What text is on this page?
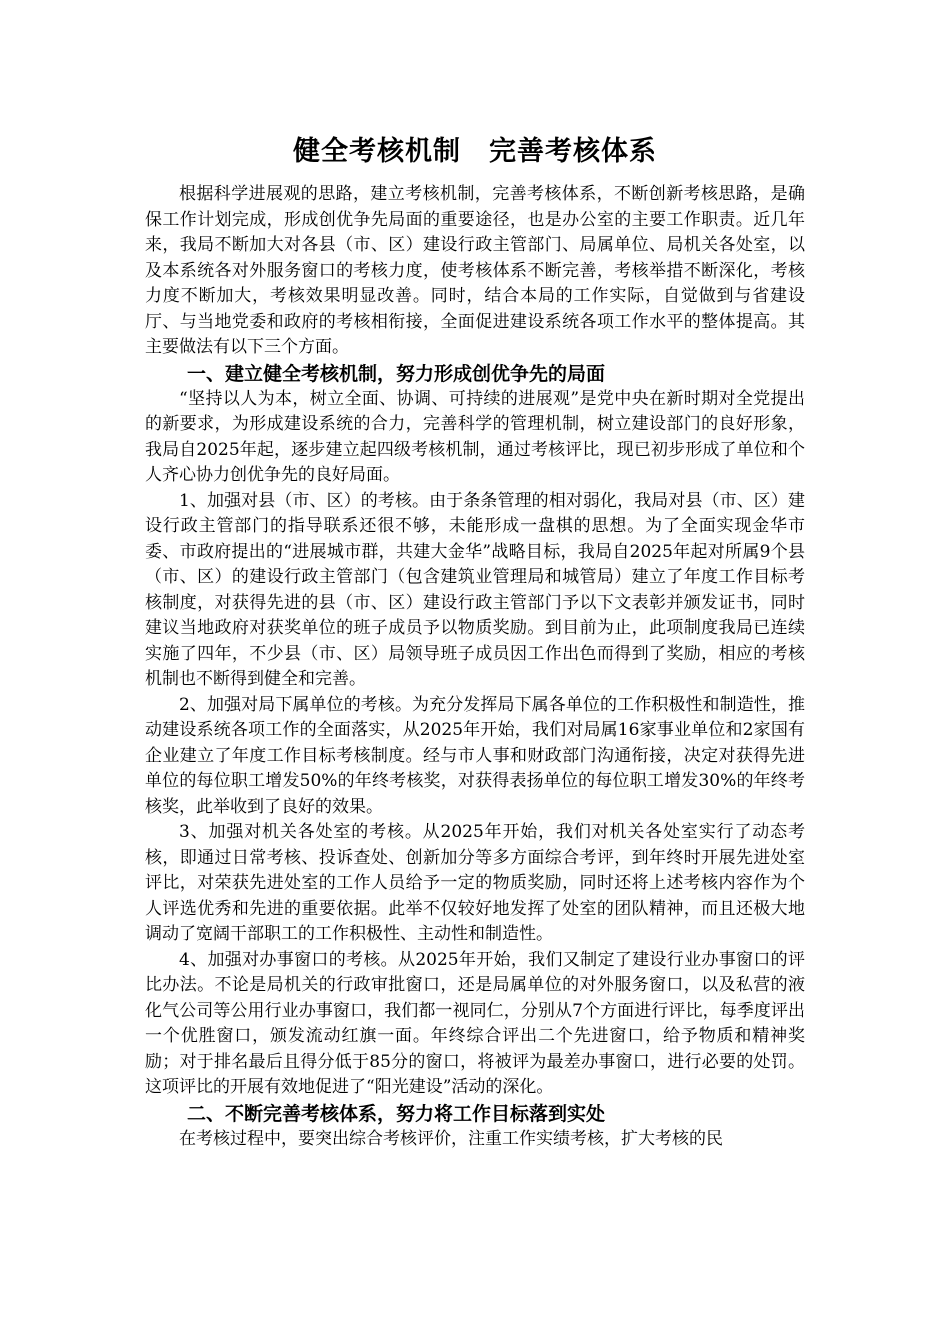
健全考核机制　完善考核体系

根据科学进展观的思路，建立考核机制，完善考核体系，不断创新考核思路，是确保工作计划完成，形成创优争先局面的重要途径，也是办公室的主要工作职责。近几年来，我局不断加大对各县（市、区）建设行政主管部门、局属单位、局机关各处室，以及本系统各对外服务窗口的考核力度，使考核体系不断完善，考核举措不断深化，考核力度不断加大，考核效果明显改善。同时，结合本局的工作实际，自觉做到与省建设厅、与当地党委和政府的考核相衔接，全面促进建设系统各项工作水平的整体提高。其主要做法有以下三个方面。

一、建立健全考核机制，努力形成创优争先的局面

“坚持以人为本，树立全面、协调、可持续的进展观”是党中央在新时期对全党提出的新要求，为形成建设系统的合力，完善科学的管理机制，树立建设部门的良好形象，我局自2025年起，逐步建立起四级考核机制，通过考核评比，现已初步形成了单位和个人齐心协力创优争先的良好局面。

1、加强对县（市、区）的考核。由于条条管理的相对弱化，我局对县（市、区）建设行政主管部门的指导联系还很不够，未能形成一盘棋的思想。为了全面实现金华市委、市政府提出的“进展城市群，共建大金华”战略目标，我局自2025年起对所属9个县（市、区）的建设行政主管部门（包含建筑业管理局和城管局）建立了年度工作目标考核制度，对获得先进的县（市、区）建设行政主管部门予以下文表彰并颁发证书，同时建议当地政府对获奖单位的班子成员予以物质奖励。到目前为止，此项制度我局已连续实施了四年，不少县（市、区）局领导班子成员因工作出色而得到了奖励，相应的考核机制也不断得到健全和完善。

2、加强对局下属单位的考核。为充分发挥局下属各单位的工作积极性和制造性，推动建设系统各项工作的全面落实，从2025年开始，我们对局属16家事业单位和2家国有企业建立了年度工作目标考核制度。经与市人事和财政部门沟通衔接，决定对获得先进单位的每位职工增发50%的年终考核奖，对获得表扬单位的每位职工增发30%的年终考核奖，此举收到了良好的效果。

3、加强对机关各处室的考核。从2025年开始，我们对机关各处室实行了动态考核，即通过日常考核、投诉查处、创新加分等多方面综合考评，到年终时开展先进处室评比，对荣获先进处室的工作人员给予一定的物质奖励，同时还将上述考核内容作为个人评选优秀和先进的重要依据。此举不仅较好地发挥了处室的团队精神，而且还极大地调动了宽阔干部职工的工作积极性、主动性和制造性。

4、加强对办事窗口的考核。从2025年开始，我们又制定了建设行业办事窗口的评比办法。不论是局机关的行政审批窗口，还是局属单位的对外服务窗口，以及私营的液化气公司等公用行业办事窗口，我们都一视同仁，分别从7个方面进行评比，每季度评出一个优胜窗口，颁发流动红旗一面。年终综合评出二个先进窗口，给予物质和精神奖励；对于排名最后且得分低于85分的窗口，将被评为最差办事窗口，进行必要的处罚。这项评比的开展有效地促进了“阳光建设”活动的深化。

二、不断完善考核体系，努力将工作目标落到实处

在考核过程中，要突出综合考核评价，注重工作实绩考核，扩大考核的民
